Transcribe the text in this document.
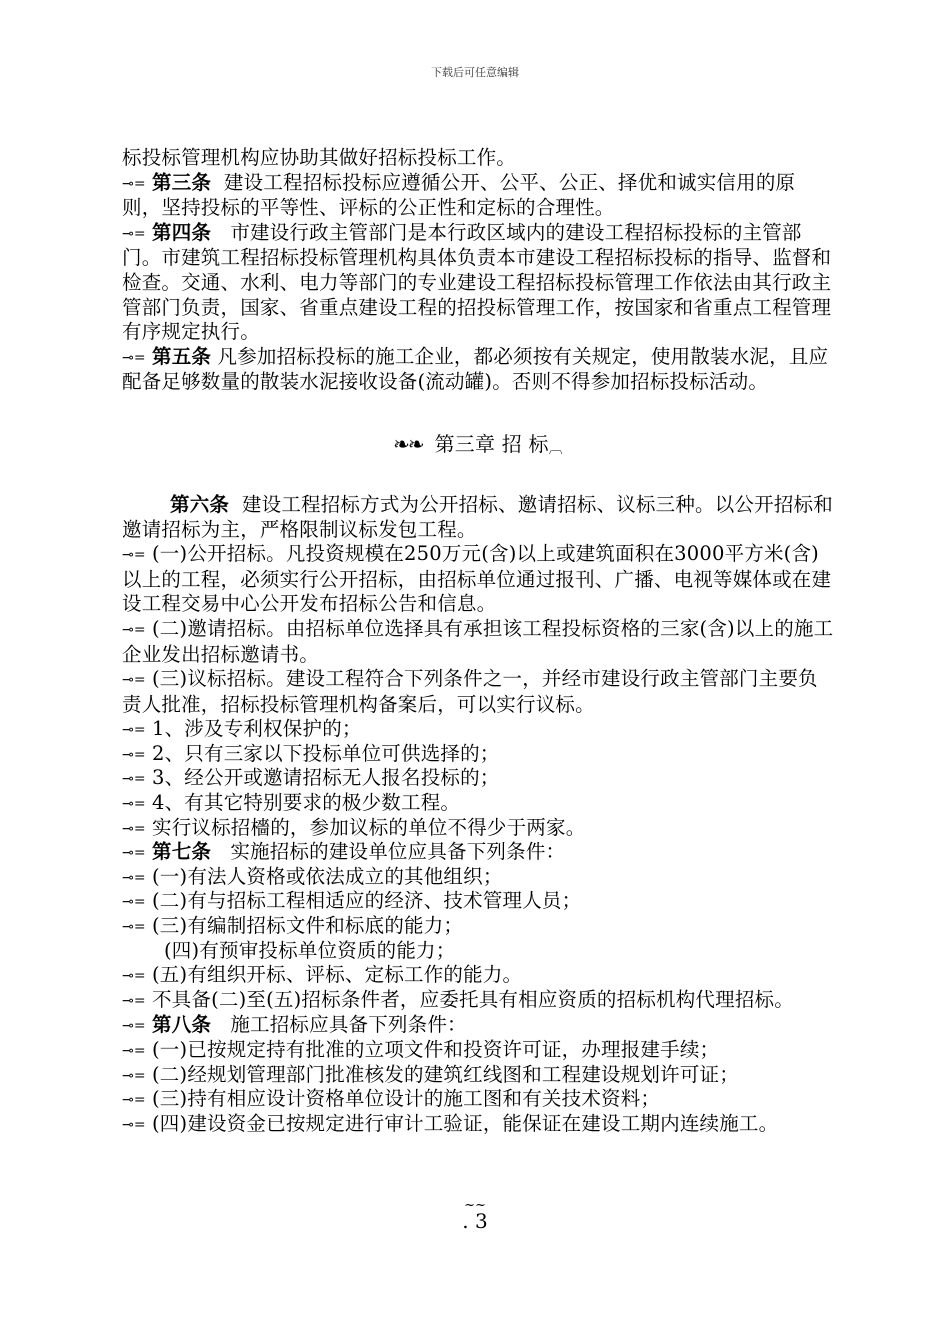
下载后可任意编辑
标投标管理机构应协助其做好招标投标工作。
⊸= 第三条 建设工程招标投标应遵循公开、公平、公正、择优和诚实信用的原则，坚持投标的平等性、评标的公正性和定标的合理性。
⊸= 第四条 市建设行政主管部门是本行政区域内的建设工程招标投标的主管部门。市建筑工程招标投标管理机构具体负责本市建设工程招标投标的指导、监督和检查。交通、水利、电力等部门的专业建设工程招标投标管理工作依法由其行政主管部门负责，国家、省重点建设工程的招投标管理工作，按国家和省重点工程管理有序规定执行。
⊸= 第五条 凡参加招标投标的施工企业，都必须按有关规定，使用散装水泥，且应配备足够数量的散装水泥接收设备(流动罐)。否则不得参加招标投标活动。
❧❧ 第三章 招 标︹
第六条 建设工程招标方式为公开招标、邀请招标、议标三种。以公开招标和邀请招标为主，严格限制议标发包工程。
⊸= (一)公开招标。凡投资规模在250万元(含)以上或建筑面积在3000平方米(含)以上的工程，必须实行公开招标，由招标单位通过报刊、广播、电视等媒体或在建设工程交易中心公开发布招标公告和信息。
⊸= (二)邀请招标。由招标单位选择具有承担该工程投标资格的三家(含)以上的施工企业发出招标邀请书。
⊸= (三)议标招标。建设工程符合下列条件之一，并经市建设行政主管部门主要负责人批准，招标投标管理机构备案后，可以实行议标。
⊸= 1、涉及专利权保护的；
⊸= 2、只有三家以下投标单位可供选择的；
⊸= 3、经公开或邀请招标无人报名投标的；
⊸= 4、有其它特别要求的极少数工程。
⊸= 实行议标招檣的，参加议标的单位不得少于两家。
⊸= 第七条 实施招标的建设单位应具备下列条件：
⊸= (一)有法人资格或依法成立的其他组织；
⊸= (二)有与招标工程相适应的经济、技术管理人员；
⊸= (三)有编制招标文件和标底的能力；
(四)有预审投标单位资质的能力；
⊸= (五)有组织开标、评标、定标工作的能力。
⊸= 不具备(二)至(五)招标条件者，应委托具有相应资质的招标机构代理招标。
⊸= 第八条 施工招标应具备下列条件：
⊸= (一)已按规定持有批准的立项文件和投资许可证，办理报建手续；
⊸= (二)经规划管理部门批准核发的建筑红线图和工程建设规划许可证；
⊸= (三)持有相应设计资格单位设计的施工图和有关技术资料；
⊸= (四)建设资金已按规定进行审计工验证，能保证在建设工期内连续施工。
~~
. 3
